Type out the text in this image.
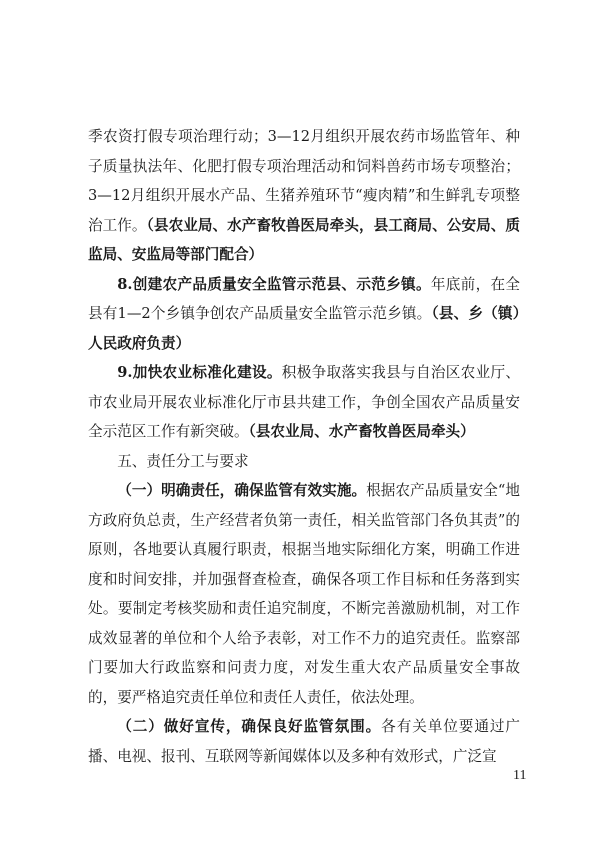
季农资打假专项治理行动；3—12月组织开展农药市场监管年、种子质量执法年、化肥打假专项治理活动和饲料兽药市场专项整治；3—12月组织开展水产品、生猪养殖环节“瘦肉精”和生鲜乳专项整治工作。（县农业局、水产畜牧兽医局牵头，县工商局、公安局、质监局、安监局等部门配合）

8.创建农产品质量安全监管示范县、示范乡镇。年底前，在全县有1—2个乡镇争创农产品质量安全监管示范乡镇。（县、乡（镇）人民政府负责）

9.加快农业标准化建设。积极争取落实我县与自治区农业厅、市农业局开展农业标准化厅市县共建工作，争创全国农产品质量安全示范区工作有新突破。（县农业局、水产畜牧兽医局牵头）

五、责任分工与要求

（一）明确责任，确保监管有效实施。根据农产品质量安全“地方政府负总责，生产经营者负第一责任，相关监管部门各负其责”的原则，各地要认真履行职责，根据当地实际细化方案，明确工作进度和时间安排，并加强督查检查，确保各项工作目标和任务落到实处。要制定考核奖励和责任追究制度，不断完善激励机制，对工作成效显著的单位和个人给予表彰，对工作不力的追究责任。监察部门要加大行政监察和问责力度，对发生重大农产品质量安全事故的，要严格追究责任单位和责任人责任，依法处理。

（二）做好宣传，确保良好监管氛围。各有关单位要通过广播、电视、报刊、互联网等新闻媒体以及多种有效形式，广泛宣

11
